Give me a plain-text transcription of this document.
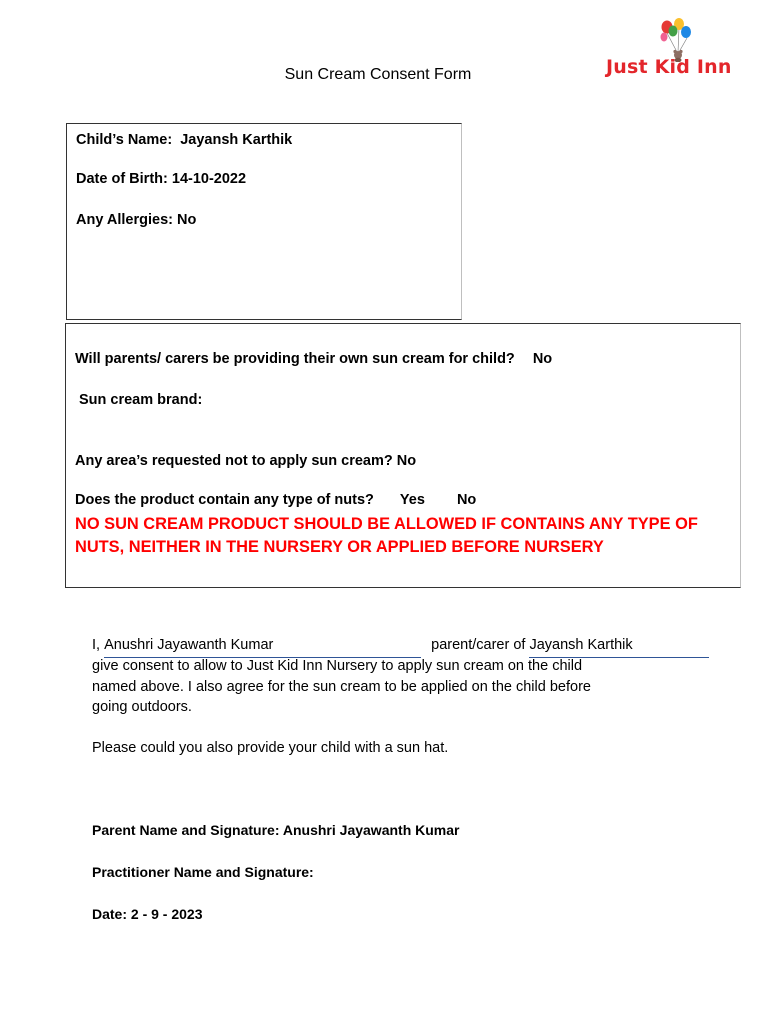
Just Kid Inn
Sun Cream Consent Form
Child’s Name: Jayansh Karthik
Date of Birth: 14-10-2022
Any Allergies: No
Will parents/ carers be providing their own sun cream for child? No
Sun cream brand:
Any area’s requested not to apply sun cream? No
Does the product contain any type of nuts? Yes No
NO SUN CREAM PRODUCT SHOULD BE ALLOWED IF CONTAINS ANY TYPE OF NUTS, NEITHER IN THE NURSERY OR APPLIED BEFORE NURSERY
I, Anushri Jayawanth Kumar	parent/carer of Jayansh Karthik
give consent to allow to Just Kid Inn Nursery to apply sun cream on the child
named above. I also agree for the sun cream to be applied on the child before
going outdoors.
Please could you also provide your child with a sun hat.
Parent Name and Signature: Anushri Jayawanth Kumar
Practitioner Name and Signature:
Date: 2 - 9 - 2023
